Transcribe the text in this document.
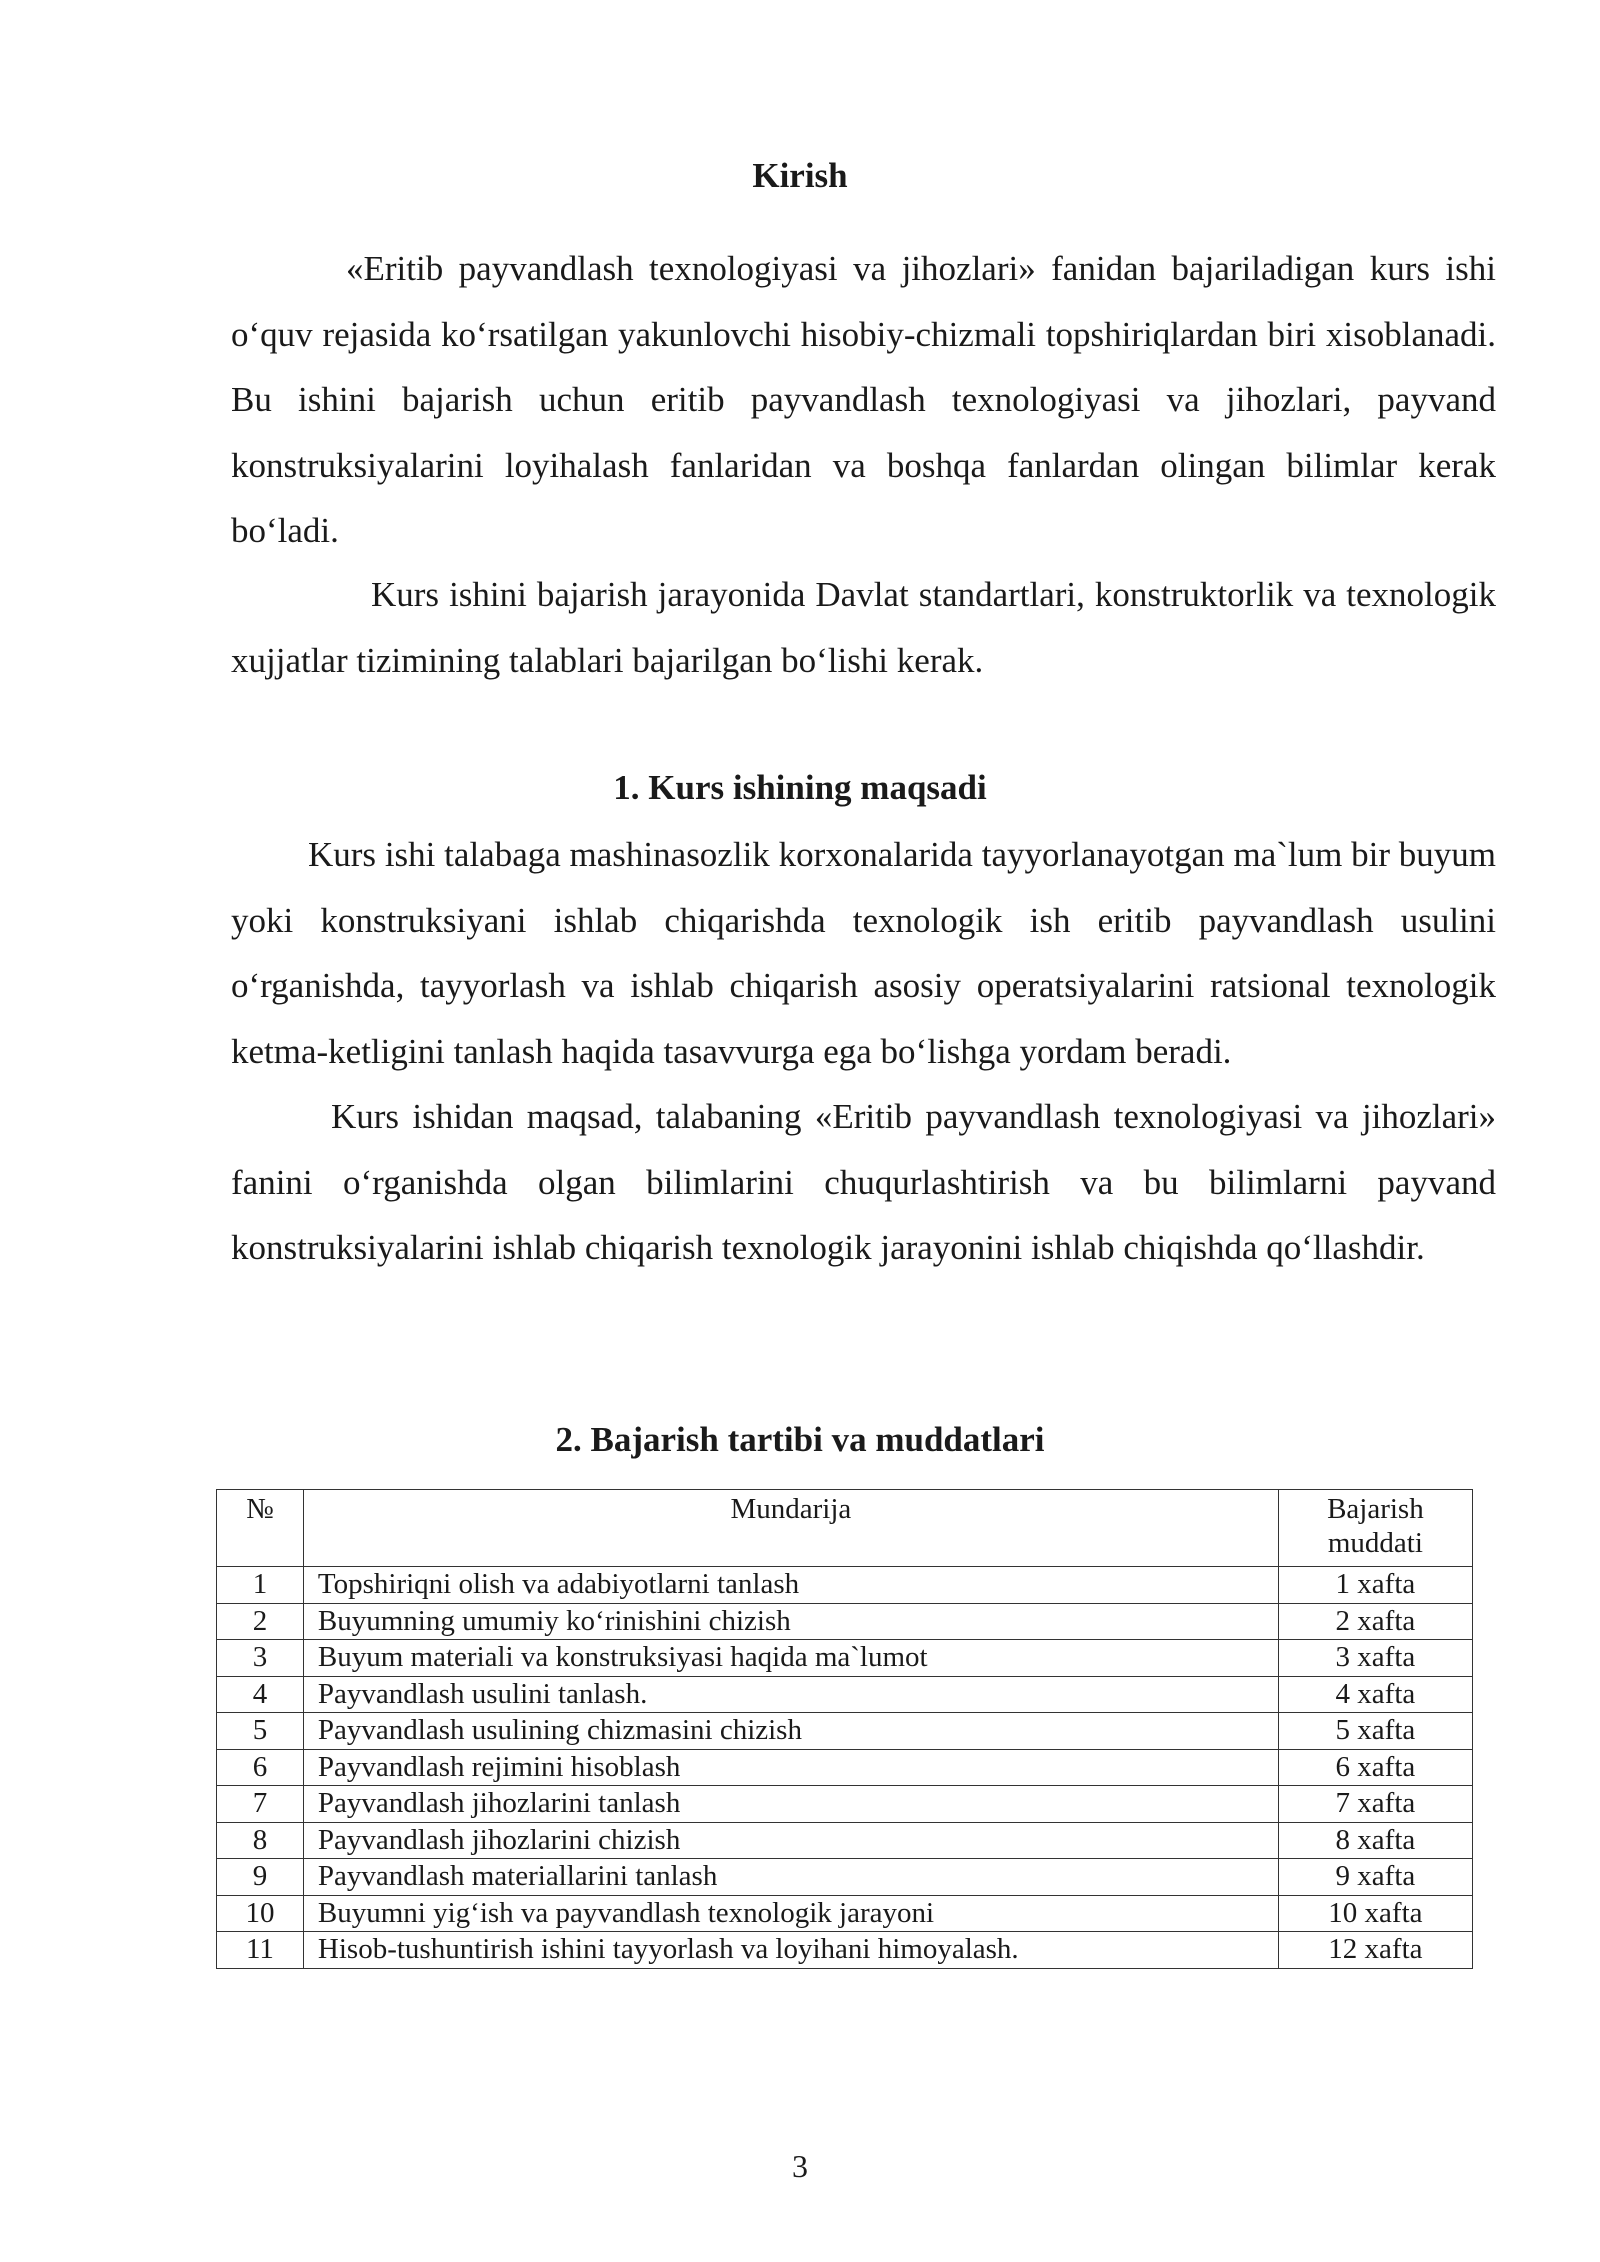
Kirish

«Eritib payvandlash texnologiyasi va jihozlari» fanidan bajariladigan kurs ishi o‘quv rejasida ko‘rsatilgan yakunlovchi hisobiy-chizmali topshiriqlardan biri xisoblanadi. Bu ishini bajarish uchun eritib payvandlash texnologiyasi va jihozlari, payvand konstruksiyalarini loyihalash fanlaridan va boshqa fanlardan olingan bilimlar kerak bo‘ladi.

Kurs ishini bajarish jarayonida Davlat standartlari, konstruktorlik va texnologik xujjatlar tizimining talablari bajarilgan bo‘lishi kerak.

1. Kurs ishining maqsadi

Kurs ishi talabaga mashinasozlik korxonalarida tayyorlanayotgan ma`lum bir buyum yoki konstruksiyani ishlab chiqarishda texnologik ish eritib payvandlash usulini o‘rganishda, tayyorlash va ishlab chiqarish asosiy operatsiyalarini ratsional texnologik ketma-ketligini tanlash haqida tasavvurga ega bo‘lishga yordam beradi.

Kurs ishidan maqsad, talabaning «Eritib payvandlash texnologiyasi va jihozlari» fanini o‘rganishda olgan bilimlarini chuqurlashtirish va bu bilimlarni payvand konstruksiyalarini ishlab chiqarish texnologik jarayonini ishlab chiqishda qo‘llashdir.

2. Bajarish tartibi va muddatlari
№	Mundarija	Bajarish muddati
1	Topshiriqni olish va adabiyotlarni tanlash	1 xafta
2	Buyumning umumiy ko‘rinishini chizish	2 xafta
3	Buyum materiali va konstruksiyasi haqida ma`lumot	3 xafta
4	Payvandlash usulini tanlash.	4 xafta
5	Payvandlash usulining chizmasini chizish	5 xafta
6	Payvandlash rejimini hisoblash	6 xafta
7	Payvandlash jihozlarini tanlash	7 xafta
8	Payvandlash jihozlarini chizish	8 xafta
9	Payvandlash materiallarini tanlash	9 xafta
10	Buyumni yig‘ish va payvandlash texnologik jarayoni	10 xafta
11	Hisob-tushuntirish ishini tayyorlash va loyihani himoyalash.	12 xafta
3
